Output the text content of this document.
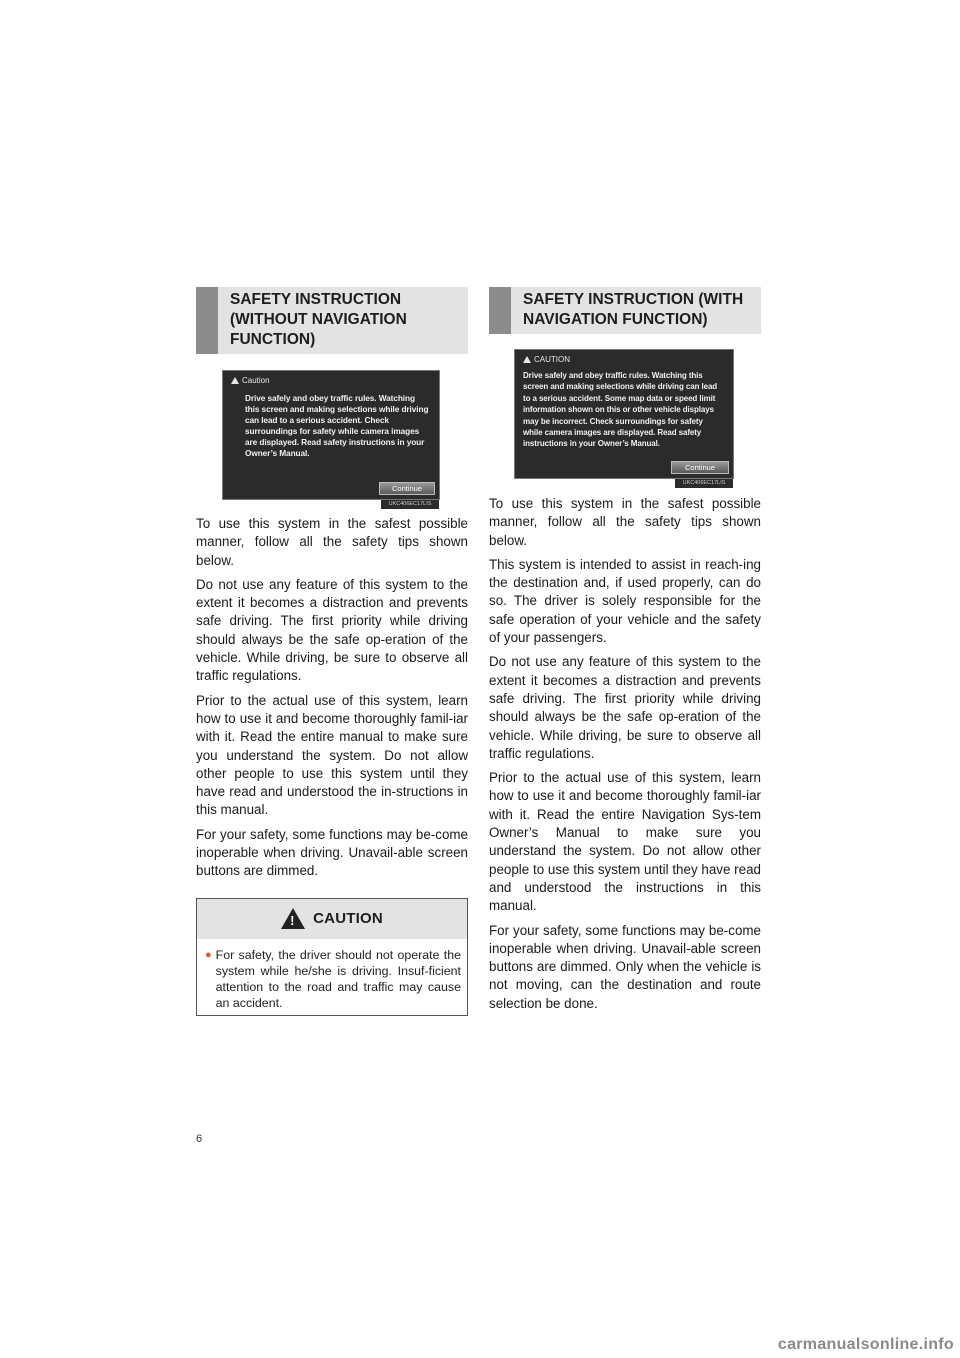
SAFETY INSTRUCTION (WITHOUT NAVIGATION FUNCTION)
Caution
Drive safely and obey traffic rules. Watching this screen and making selections while driving can lead to a serious accident. Check surroundings for safety while camera images are displayed. Read safety instructions in your Owner’s Manual.
Continue
UKC406EC17LIS

To use this system in the safest possible manner, follow all the safety tips shown below.

Do not use any feature of this system to the extent it becomes a distraction and prevents safe driving. The first priority while driving should always be the safe op-eration of the vehicle. While driving, be sure to observe all traffic regulations.

Prior to the actual use of this system, learn how to use it and become thoroughly famil-iar with it. Read the entire manual to make sure you understand the system. Do not allow other people to use this system until they have read and understood the in-structions in this manual.

For your safety, some functions may be-come inoperable when driving. Unavail-able screen buttons are dimmed.

!
CAUTION
● For safety, the driver should not operate the system while he/she is driving. Insuf-ficient attention to the road and traffic may cause an accident.
SAFETY INSTRUCTION (WITH NAVIGATION FUNCTION)
CAUTION
Drive safely and obey traffic rules. Watching this screen and making selections while driving can lead to a serious accident. Some map data or speed limit information shown on this or other vehicle displays may be incorrect. Check surroundings for safety while camera images are displayed. Read safety instructions in your Owner’s Manual.
Continue
UKC406EC17LIS

To use this system in the safest possible manner, follow all the safety tips shown below.

This system is intended to assist in reach-ing the destination and, if used properly, can do so. The driver is solely responsible for the safe operation of your vehicle and the safety of your passengers.

Do not use any feature of this system to the extent it becomes a distraction and prevents safe driving. The first priority while driving should always be the safe op-eration of the vehicle. While driving, be sure to observe all traffic regulations.

Prior to the actual use of this system, learn how to use it and become thoroughly famil-iar with it. Read the entire Navigation Sys-tem Owner’s Manual to make sure you understand the system. Do not allow other people to use this system until they have read and understood the instructions in this manual.

For your safety, some functions may be-come inoperable when driving. Unavail-able screen buttons are dimmed. Only when the vehicle is not moving, can the destination and route selection be done.

6
carmanualsonline.info
